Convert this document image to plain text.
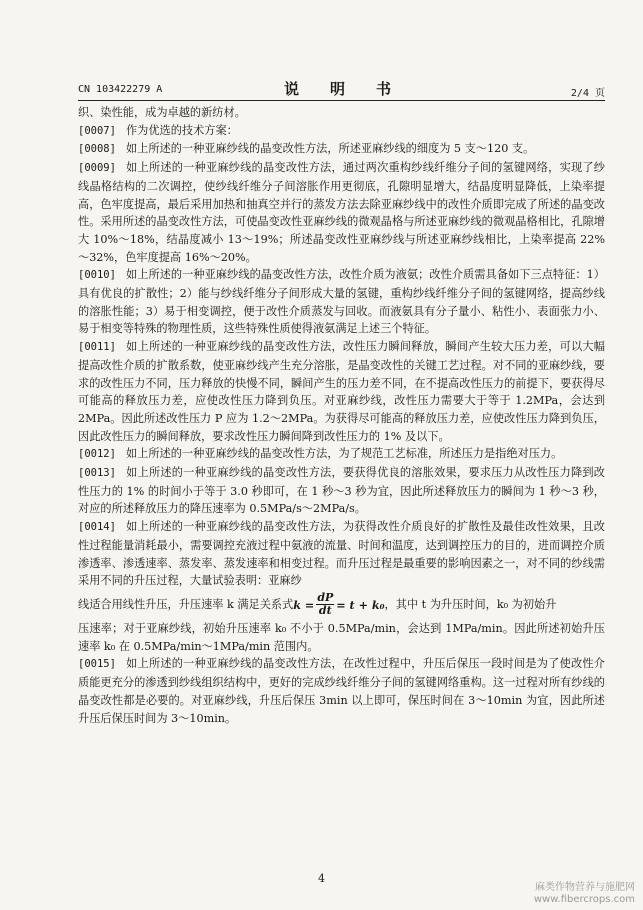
CN 103422279 A	说　明　书	2/4 页

织、染性能，成为卓越的新纺材。

[0007] 作为优选的技术方案：

[0008] 如上所述的一种亚麻纱线的晶变改性方法，所述亚麻纱线的细度为 5 支～120 支。

[0009] 如上所述的一种亚麻纱线的晶变改性方法，通过两次重构纱线纤维分子间的氢键网络，实现了纱线晶格结构的二次调控，使纱线纤维分子间溶胀作用更彻底，孔隙明显增大，结晶度明显降低，上染率提高，色牢度提高，最后采用加热和抽真空并行的蒸发方法去除亚麻纱线中的改性介质即完成了所述的晶变改性。采用所述的晶变改性方法，可使晶变改性亚麻纱线的微观晶格与所述亚麻纱线的微观晶格相比，孔隙增大 10%～18%，结晶度减小 13～19%；所述晶变改性亚麻纱线与所述亚麻纱线相比，上染率提高 22%～32%，色牢度提高 16%～20%。

[0010] 如上所述的一种亚麻纱线的晶变改性方法，改性介质为液氨；改性介质需具备如下三点特征：1）具有优良的扩散性；2）能与纱线纤维分子间形成大量的氢键，重构纱线纤维分子间的氢键网络，提高纱线的溶胀性能；3）易于相变调控，便于改性介质蒸发与回收。而液氨具有分子量小、粘性小、表面张力小、易于相变等特殊的物理性质，这些特殊性质使得液氨满足上述三个特征。

[0011] 如上所述的一种亚麻纱线的晶变改性方法，改性压力瞬间释放，瞬间产生较大压力差，可以大幅提高改性介质的扩散系数，使亚麻纱线产生充分溶胀，是晶变改性的关键工艺过程。对不同的亚麻纱线，要求的改性压力不同，压力释放的快慢不同，瞬间产生的压力差不同，在不提高改性压力的前提下，要获得尽可能高的释放压力差，应使改性压力降到负压。对亚麻纱线，改性压力需要大于等于 1.2MPa，会达到 2MPa。因此所述改性压力 P 应为 1.2～2MPa。为获得尽可能高的释放压力差，应使改性压力降到负压，因此改性压力的瞬间释放，要求改性压力瞬间降到改性压力的 1% 及以下。

[0012] 如上所述的一种亚麻纱线的晶变改性方法，为了规范工艺标准，所述压力是指绝对压力。

[0013] 如上所述的一种亚麻纱线的晶变改性方法，要获得优良的溶胀效果，要求压力从改性压力降到改性压力的 1% 的时间小于等于 3.0 秒即可，在 1 秒～3 秒为宜，因此所述释放压力的瞬间为 1 秒～3 秒，对应的所述释放压力的降压速率为 0.5MPa/s～2MPa/s。

[0014] 如上所述的一种亚麻纱线的晶变改性方法，为获得改性介质良好的扩散性及最佳改性效果，且改性过程能量消耗最小，需要调控充液过程中氨液的流量、时间和温度，达到调控压力的目的，进而调控介质渗透率、渗透速率、蒸发率、蒸发速率和相变过程。而升压过程是最重要的影响因素之一，对不同的纱线需采用不同的升压过程，大量试验表明：亚麻纱

线适合用线性升压，升压速率 k 满足关系式 $k = \frac{dP}{dt} = t + k_0$ ，其中 t 为升压时间，k₀ 为初始升

压速率；对于亚麻纱线，初始升压速率 k₀ 不小于 0.5MPa/min，会达到 1MPa/min。因此所述初始升压速率 k₀ 在 0.5MPa/min～1MPa/min 范围内。

[0015] 如上所述的一种亚麻纱线的晶变改性方法，在改性过程中，升压后保压一段时间是为了使改性介质能更充分的渗透到纱线组织结构中，更好的完成纱线纤维分子间的氢键网络重构。这一过程对所有纱线的晶变改性都是必要的。对亚麻纱线，升压后保压 3min 以上即可，保压时间在 3～10min 为宜，因此所述升压后保压时间为 3～10min。

4
麻类作物营养与施肥网
www.fibercrops.com
